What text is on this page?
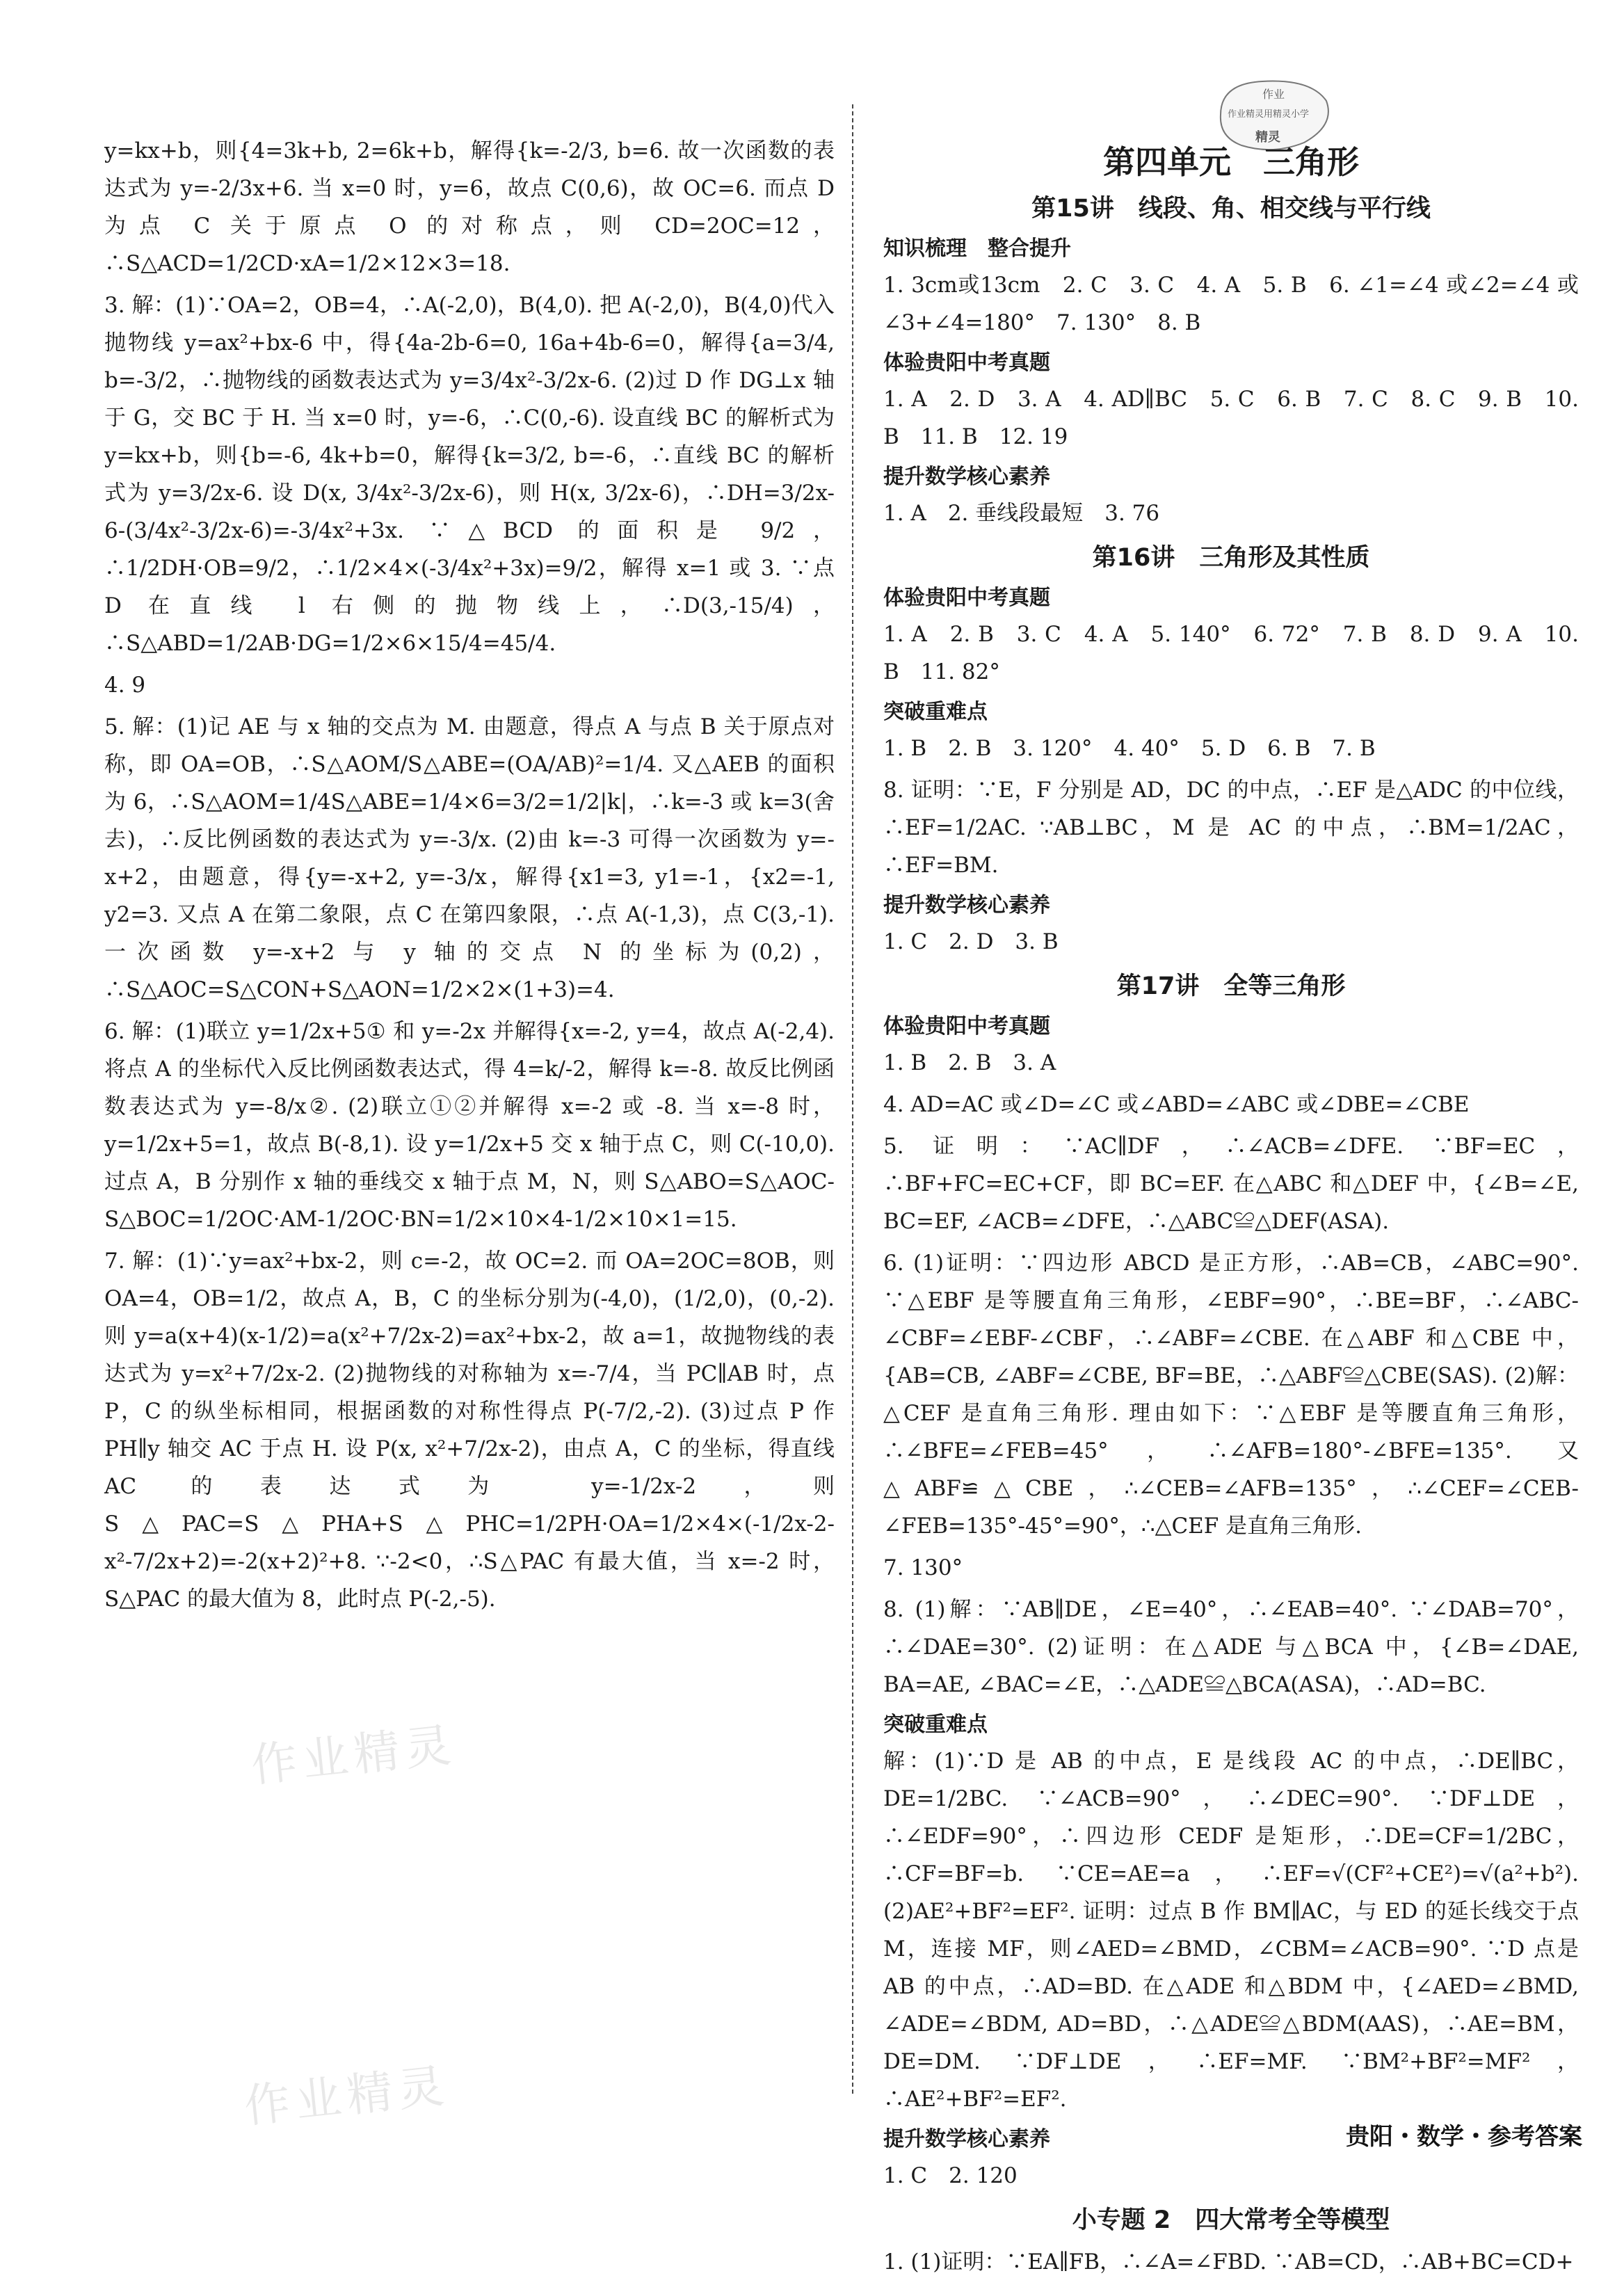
作业
作业精灵用精灵小学
精灵

y=kx+b，则{4=3k+b, 2=6k+b，解得{k=-2/3, b=6. 故一次函数的表达式为 y=-2/3x+6. 当 x=0 时，y=6，故点 C(0,6)，故 OC=6. 而点 D 为点 C 关于原点 O 的对称点，则 CD=2OC=12，∴S△ACD=1/2CD·xA=1/2×12×3=18.

3. 解：(1)∵OA=2，OB=4，∴A(-2,0)，B(4,0). 把 A(-2,0)，B(4,0)代入抛物线 y=ax²+bx-6 中，得{4a-2b-6=0, 16a+4b-6=0，解得{a=3/4, b=-3/2，∴抛物线的函数表达式为 y=3/4x²-3/2x-6. (2)过 D 作 DG⊥x 轴于 G，交 BC 于 H. 当 x=0 时，y=-6，∴C(0,-6). 设直线 BC 的解析式为 y=kx+b，则{b=-6, 4k+b=0，解得{k=3/2, b=-6，∴直线 BC 的解析式为 y=3/2x-6. 设 D(x, 3/4x²-3/2x-6)，则 H(x, 3/2x-6)，∴DH=3/2x-6-(3/4x²-3/2x-6)=-3/4x²+3x. ∵△BCD 的面积是 9/2，∴1/2DH·OB=9/2，∴1/2×4×(-3/4x²+3x)=9/2，解得 x=1 或 3. ∵点 D 在直线 l 右侧的抛物线上，∴D(3,-15/4)，∴S△ABD=1/2AB·DG=1/2×6×15/4=45/4.

4. 9

5. 解：(1)记 AE 与 x 轴的交点为 M. 由题意，得点 A 与点 B 关于原点对称，即 OA=OB，∴S△AOM/S△ABE=(OA/AB)²=1/4. 又△AEB 的面积为 6，∴S△AOM=1/4S△ABE=1/4×6=3/2=1/2|k|，∴k=-3 或 k=3(舍去)，∴反比例函数的表达式为 y=-3/x. (2)由 k=-3 可得一次函数为 y=-x+2，由题意，得{y=-x+2, y=-3/x，解得{x1=3, y1=-1，{x2=-1, y2=3. 又点 A 在第二象限，点 C 在第四象限，∴点 A(-1,3)，点 C(3,-1). 一次函数 y=-x+2 与 y 轴的交点 N 的坐标为(0,2)，∴S△AOC=S△CON+S△AON=1/2×2×(1+3)=4.

6. 解：(1)联立 y=1/2x+5① 和 y=-2x 并解得{x=-2, y=4，故点 A(-2,4). 将点 A 的坐标代入反比例函数表达式，得 4=k/-2，解得 k=-8. 故反比例函数表达式为 y=-8/x②. (2)联立①②并解得 x=-2 或 -8. 当 x=-8 时，y=1/2x+5=1，故点 B(-8,1). 设 y=1/2x+5 交 x 轴于点 C，则 C(-10,0). 过点 A，B 分别作 x 轴的垂线交 x 轴于点 M，N，则 S△ABO=S△AOC-S△BOC=1/2OC·AM-1/2OC·BN=1/2×10×4-1/2×10×1=15.

7. 解：(1)∵y=ax²+bx-2，则 c=-2，故 OC=2. 而 OA=2OC=8OB，则 OA=4，OB=1/2，故点 A，B，C 的坐标分别为(-4,0)，(1/2,0)，(0,-2). 则 y=a(x+4)(x-1/2)=a(x²+7/2x-2)=ax²+bx-2，故 a=1，故抛物线的表达式为 y=x²+7/2x-2. (2)抛物线的对称轴为 x=-7/4，当 PC∥AB 时，点 P，C 的纵坐标相同，根据函数的对称性得点 P(-7/2,-2). (3)过点 P 作 PH∥y 轴交 AC 于点 H. 设 P(x, x²+7/2x-2)，由点 A，C 的坐标，得直线 AC 的表达式为 y=-1/2x-2，则 S△PAC=S△PHA+S△PHC=1/2PH·OA=1/2×4×(-1/2x-2-x²-7/2x+2)=-2(x+2)²+8. ∵-2<0，∴S△PAC 有最大值，当 x=-2 时，S△PAC 的最大值为 8，此时点 P(-2,-5).

第四单元　三角形
第15讲　线段、角、相交线与平行线
知识梳理　整合提升

1. 3cm或13cm　2. C　3. C　4. A　5. B　6. ∠1=∠4 或∠2=∠4 或∠3+∠4=180°　7. 130°　8. B

体验贵阳中考真题

1. A　2. D　3. A　4. AD∥BC　5. C　6. B　7. C　8. C　9. B　10. B　11. B　12. 19

提升数学核心素养

1. A　2. 垂线段最短　3. 76

第16讲　三角形及其性质
体验贵阳中考真题

1. A　2. B　3. C　4. A　5. 140°　6. 72°　7. B　8. D　9. A　10. B　11. 82°

突破重难点

1. B　2. B　3. 120°　4. 40°　5. D　6. B　7. B

8. 证明：∵E，F 分别是 AD，DC 的中点，∴EF 是△ADC 的中位线，∴EF=1/2AC. ∵AB⊥BC，M 是 AC 的中点，∴BM=1/2AC，∴EF=BM.

提升数学核心素养

1. C　2. D　3. B

第17讲　全等三角形
体验贵阳中考真题

1. B　2. B　3. A

4. AD=AC 或∠D=∠C 或∠ABD=∠ABC 或∠DBE=∠CBE

5. 证明：∵AC∥DF，∴∠ACB=∠DFE. ∵BF=EC，∴BF+FC=EC+CF，即 BC=EF. 在△ABC 和△DEF 中，{∠B=∠E, BC=EF, ∠ACB=∠DFE，∴△ABC≌△DEF(ASA).

6. (1)证明：∵四边形 ABCD 是正方形，∴AB=CB，∠ABC=90°. ∵△EBF 是等腰直角三角形，∠EBF=90°，∴BE=BF，∴∠ABC-∠CBF=∠EBF-∠CBF，∴∠ABF=∠CBE. 在△ABF 和△CBE 中，{AB=CB, ∠ABF=∠CBE, BF=BE，∴△ABF≌△CBE(SAS). (2)解：△CEF 是直角三角形. 理由如下：∵△EBF 是等腰直角三角形，∴∠BFE=∠FEB=45°，∴∠AFB=180°-∠BFE=135°. 又△ABF≌△CBE，∴∠CEB=∠AFB=135°，∴∠CEF=∠CEB-∠FEB=135°-45°=90°，∴△CEF 是直角三角形.

7. 130°

8. (1)解：∵AB∥DE，∠E=40°，∴∠EAB=40°. ∵∠DAB=70°，∴∠DAE=30°. (2)证明：在△ADE 与△BCA 中，{∠B=∠DAE, BA=AE, ∠BAC=∠E，∴△ADE≌△BCA(ASA)，∴AD=BC.

突破重难点

解：(1)∵D 是 AB 的中点，E 是线段 AC 的中点，∴DE∥BC，DE=1/2BC. ∵∠ACB=90°，∴∠DEC=90°. ∵DF⊥DE，∴∠EDF=90°，∴四边形 CEDF 是矩形，∴DE=CF=1/2BC，∴CF=BF=b. ∵CE=AE=a，∴EF=√(CF²+CE²)=√(a²+b²). (2)AE²+BF²=EF². 证明：过点 B 作 BM∥AC，与 ED 的延长线交于点 M，连接 MF，则∠AED=∠BMD，∠CBM=∠ACB=90°. ∵D 点是 AB 的中点，∴AD=BD. 在△ADE 和△BDM 中，{∠AED=∠BMD, ∠ADE=∠BDM, AD=BD，∴△ADE≌△BDM(AAS)，∴AE=BM，DE=DM. ∵DF⊥DE，∴EF=MF. ∵BM²+BF²=MF²，∴AE²+BF²=EF².

提升数学核心素养

1. C　2. 120

小专题 2　四大常考全等模型

1. (1)证明：∵EA∥FB，∴∠A=∠FBD. ∵AB=CD，∴AB+BC=CD+

作业精灵
作业精灵
贵阳・数学・参考答案
